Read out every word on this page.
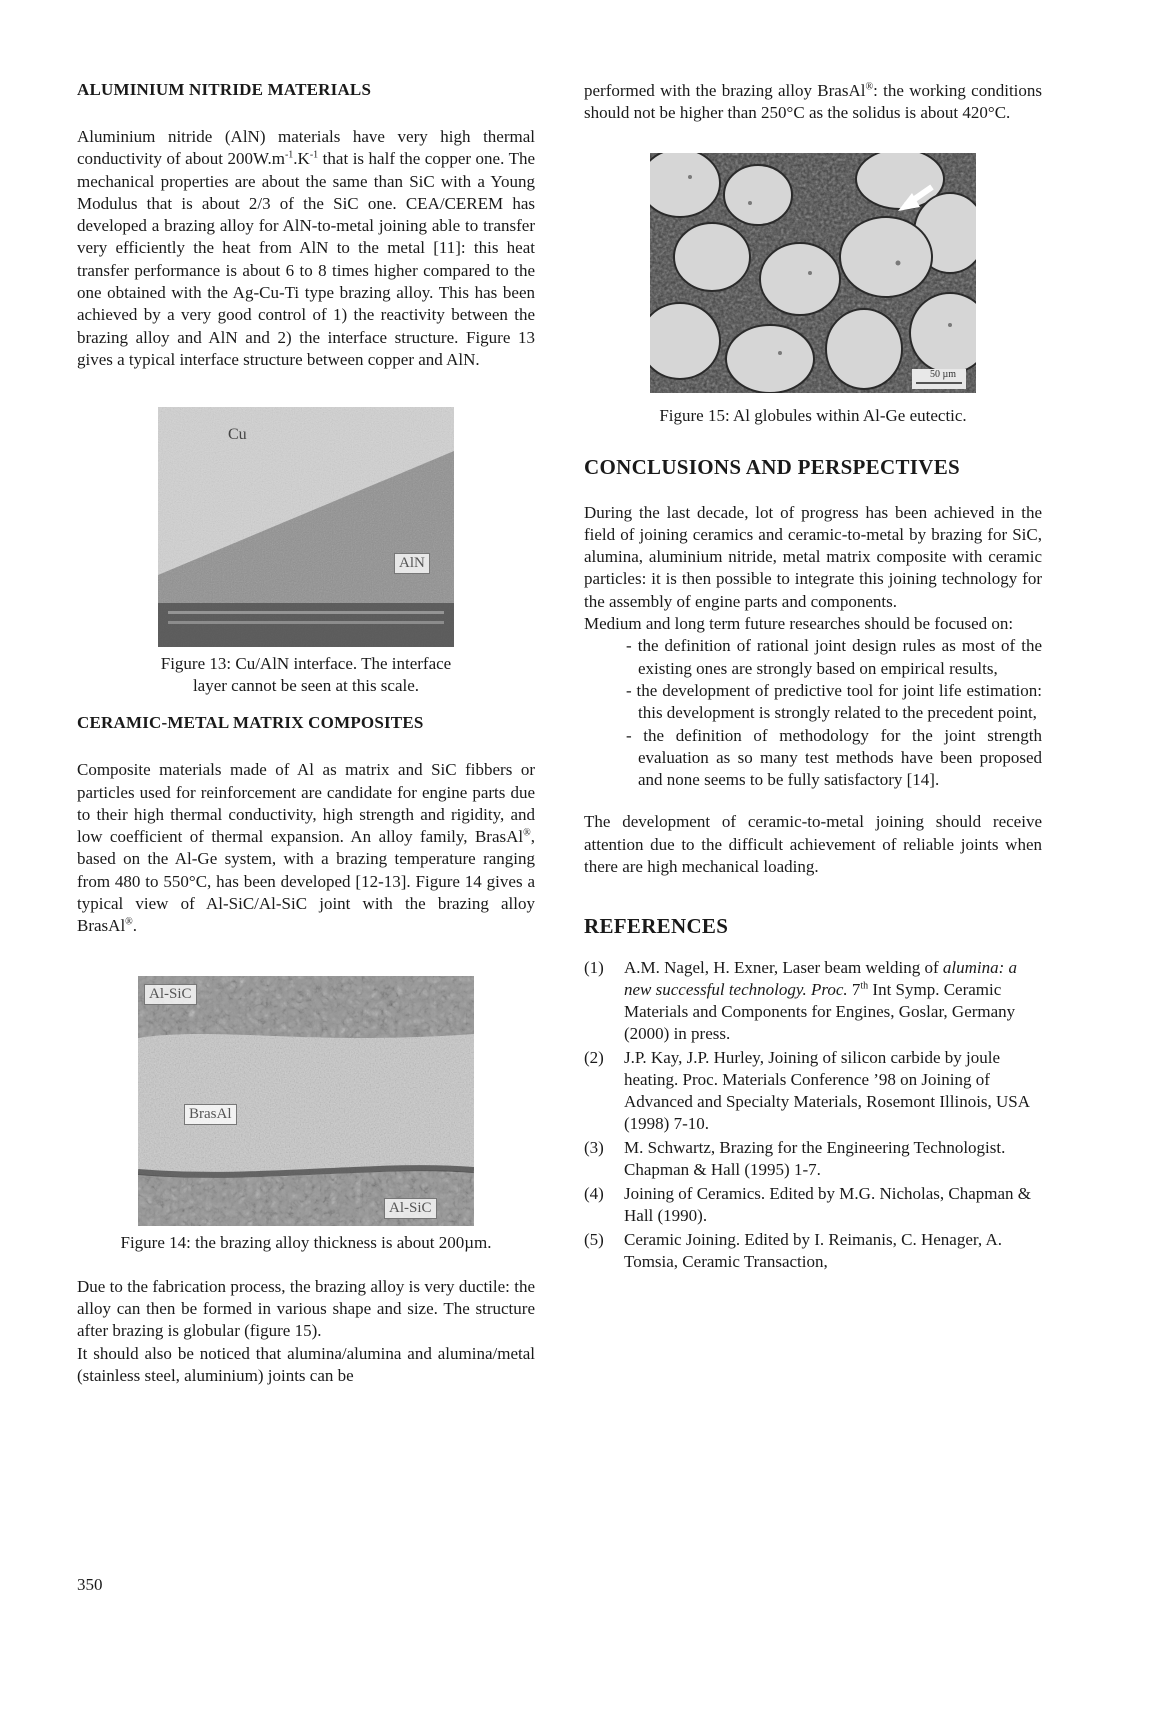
ALUMINIUM NITRIDE MATERIALS

Aluminium nitride (AlN) materials have very high thermal conductivity of about $200W.m^{-1}.K^{-1}$ that is half the copper one. The mechanical properties are about the same than SiC with a Young Modulus that is about 2/3 of the SiC one. CEA/CEREM has developed a brazing alloy for AlN-to-metal joining able to transfer very efficiently the heat from AlN to the metal [11]: this heat transfer performance is about 6 to 8 times higher compared to the one obtained with the Ag-Cu-Ti type brazing alloy. This has been achieved by a very good control of 1) the reactivity between the brazing alloy and AlN and 2) the interface structure. Figure 13 gives a typical interface structure between copper and AlN.

Cu
AlN
Figure 13: Cu/AlN interface. The interface
layer cannot be seen at this scale.
CERAMIC-METAL MATRIX COMPOSITES

Composite materials made of Al as matrix and SiC fibbers or particles used for reinforcement are candidate for engine parts due to their high thermal conductivity, high strength and rigidity, and low coefficient of thermal expansion. An alloy family, BrasAl®, based on the Al-Ge system, with a brazing temperature ranging from 480 to 550°C, has been developed [12-13]. Figure 14 gives a typical view of Al-SiC/Al-SiC joint with the brazing alloy BrasAl®.

Al-SiC
BrasAl
Al-SiC
Figure 14: the brazing alloy thickness is about 200µm.

Due to the fabrication process, the brazing alloy is very ductile: the alloy can then be formed in various shape and size. The structure after brazing is globular (figure 15).

It should also be noticed that alumina/alumina and alumina/metal (stainless steel, aluminium) joints can be

performed with the brazing alloy BrasAl®: the working conditions should not be higher than 250°C as the solidus is about 420°C.

50 µm
Figure 15: Al globules within Al-Ge eutectic.
CONCLUSIONS AND PERSPECTIVES

During the last decade, lot of progress has been achieved in the field of joining ceramics and ceramic-to-metal by brazing for SiC, alumina, aluminium nitride, metal matrix composite with ceramic particles: it is then possible to integrate this joining technology for the assembly of engine parts and components.

Medium and long term future researches should be focused on:

- the definition of rational joint design rules as most of the existing ones are strongly based on empirical results,
- the development of predictive tool for joint life estimation: this development is strongly related to the precedent point,
- the definition of methodology for the joint strength evaluation as so many test methods have been proposed and none seems to be fully satisfactory [14].

The development of ceramic-to-metal joining should receive attention due to the difficult achievement of reliable joints when there are high mechanical loading.

REFERENCES
(1) A.M. Nagel, H. Exner, Laser beam welding of alumina: a new successful technology. Proc. 7th Int Symp. Ceramic Materials and Components for Engines, Goslar, Germany (2000) in press.
(2) J.P. Kay, J.P. Hurley, Joining of silicon carbide by joule heating. Proc. Materials Conference ’98 on Joining of Advanced and Specialty Materials, Rosemont Illinois, USA (1998) 7-10.
(3) M. Schwartz, Brazing for the Engineering Technologist. Chapman & Hall (1995) 1-7.
(4) Joining of Ceramics. Edited by M.G. Nicholas, Chapman & Hall (1990).
(5) Ceramic Joining. Edited by I. Reimanis, C. Henager, A. Tomsia, Ceramic Transaction,
350
